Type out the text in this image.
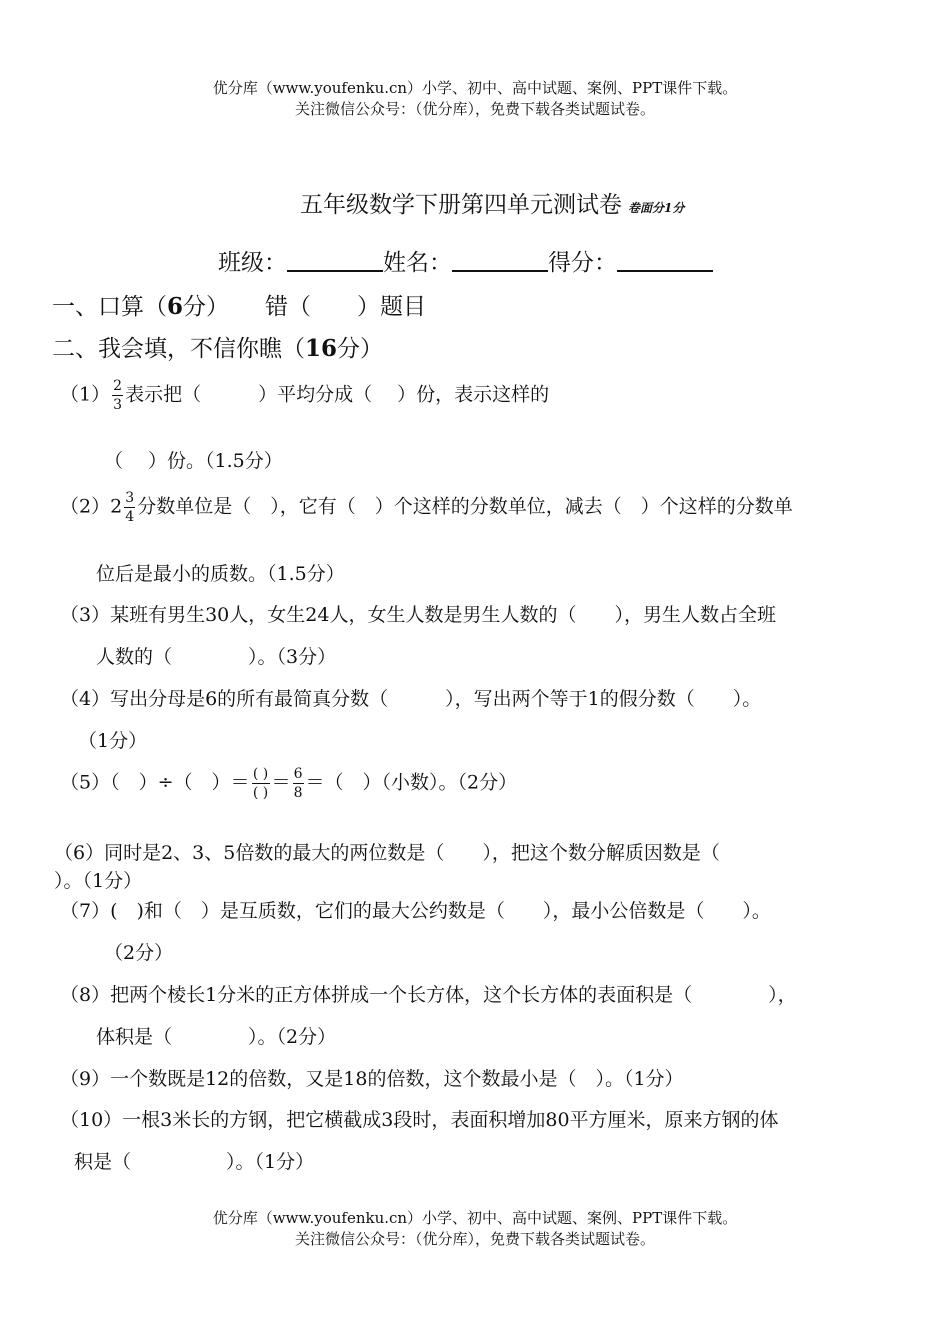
优分库（www.youfenku.cn）小学、初中、高中试题、案例、PPT课件下载。
关注微信公众号：（优分库），免费下载各类试题试卷。
五年级数学下册第四单元测试卷 卷面分1分
班级：	姓名：	得分：
一、口算（6分） 错（　　）题目
二、我会填，不信你瞧（16分）
$(1) \frac{2}{3}$ 表示把（　　　）平均分成（　 ）份，表示这样的
（　 ）份。（1.5分）
$(2)2 \frac{3}{4}$ 分数单位是（　），它有（　）个这样的分数单位，减去（　）个这样的分数单
位后是最小的质数。（1.5分）
（3）某班有男生30人，女生24人，女生人数是男生人数的（　　），男生人数占全班
人数的（　　　　）。（3分）
（4）写出分母是6的所有最简真分数（　　　），写出两个等于1的假分数（　　）。
（1分）
（5）（　）÷（　）＝ $\frac{( )}{( )} = \frac{6}{8}$ ＝（　）（小数）。（2分）
（6）同时是2、3、5倍数的最大的两位数是（　　），把这个数分解质因数是（
）。（1分）
（7）(　)和（　）是互质数，它们的最大公约数是（　　），最小公倍数是（　　）。
（2分）
（8）把两个棱长1分米的正方体拼成一个长方体，这个长方体的表面积是（　　　　），
体积是（　　　　）。（2分）
（9）一个数既是12的倍数，又是18的倍数，这个数最小是（　）。（1分）
（10）一根3米长的方钢，把它横截成3段时，表面积增加80平方厘米，原来方钢的体
积是（　　　　　）。（1分）
优分库（www.youfenku.cn）小学、初中、高中试题、案例、PPT课件下载。
关注微信公众号：（优分库），免费下载各类试题试卷。
